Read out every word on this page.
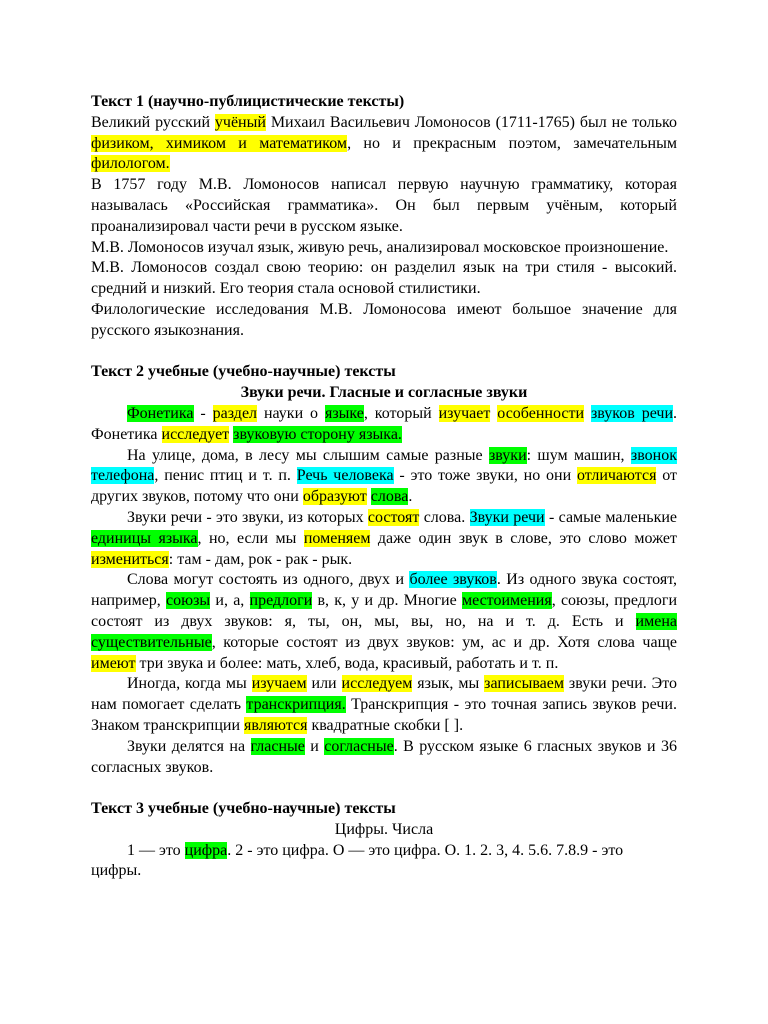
Текст 1 (научно-публицистические тексты)

Великий русский учёный Михаил Васильевич Ломоносов (1711-1765) был не только физиком, химиком и математиком, но и прекрасным поэтом, замечательным филологом.

В 1757 году М.В. Ломоносов написал первую научную грамматику, которая называлась «Российская грамматика». Он был первым учёным, который проанализировал части речи в русском языке.

М.В. Ломоносов изучал язык, живую речь, анализировал московское произношение.

М.В. Ломоносов создал свою теорию: он разделил язык на три стиля - высокий. средний и низкий. Его теория стала основой стилистики.

Филологические исследования М.В. Ломоносова имеют большое значение для русского языкознания.

Текст 2 учебные (учебно-научные) тексты

Звуки речи. Гласные и согласные звуки

Фонетика - раздел науки о языке, который изучает особенности звуков речи. Фонетика исследует звуковую сторону языка.

На улице, дома, в лесу мы слышим самые разные звуки: шум машин, звонок телефона, пенис птиц и т. п. Речь человека - это тоже звуки, но они отличаются от других звуков, потому что они образуют слова.

Звуки речи - это звуки, из которых состоят слова. Звуки речи - самые маленькие единицы языка, но, если мы поменяем даже один звук в слове, это слово может измениться: там - дам, рок - рак - рык.

Слова могут состоять из одного, двух и более звуков. Из одного звука состоят, например, союзы и, а, предлоги в, к, у и др. Многие местоимения, союзы, предлоги состоят из двух звуков: я, ты, он, мы, вы, но, на и т. д. Есть и имена существительные, которые состоят из двух звуков: ум, ас и др. Хотя слова чаще имеют три звука и более: мать, хлеб, вода, красивый, работать и т. п.

Иногда, когда мы изучаем или исследуем язык, мы записываем звуки речи. Это нам помогает сделать транскрипция. Транскрипция - это точная запись звуков речи. Знаком транскрипции являются квадратные скобки [ ].

Звуки делятся на гласные и согласные. В русском языке 6 гласных звуков и 36 согласных звуков.

Текст 3 учебные (учебно-научные) тексты

Цифры. Числа

1 — это цифра. 2 - это цифра. О — это цифра. О. 1. 2. 3, 4. 5.6. 7.8.9 - это цифры.
